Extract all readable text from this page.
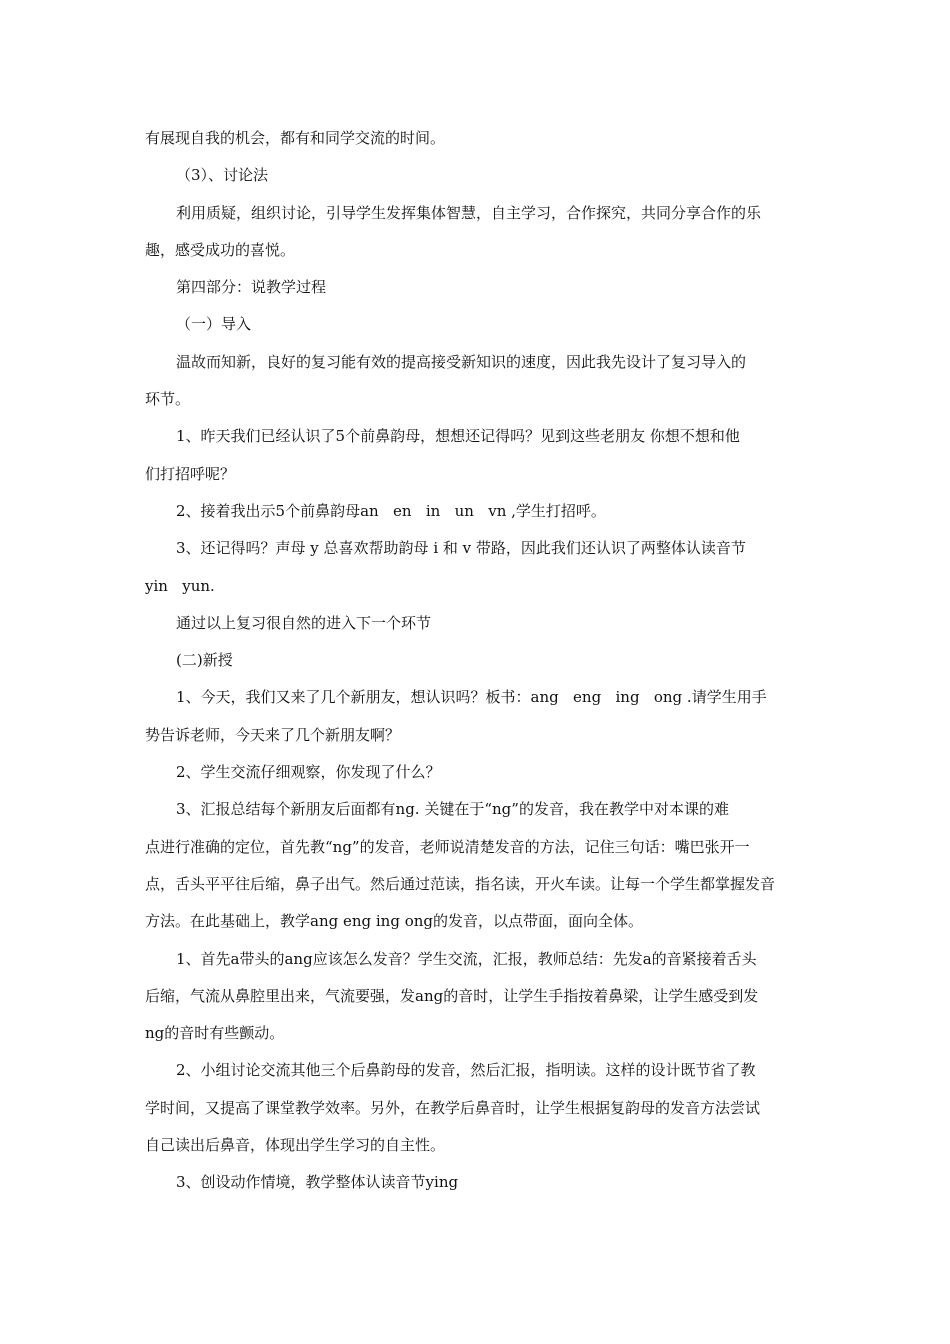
有展现自我的机会，都有和同学交流的时间。

（3）、讨论法

利用质疑，组织讨论，引导学生发挥集体智慧，自主学习，合作探究，共同分享合作的乐
趣，感受成功的喜悦。

第四部分：说教学过程

（一）导入

温故而知新，良好的复习能有效的提高接受新知识的速度，因此我先设计了复习导入的
环节。

1、昨天我们已经认识了5个前鼻韵母，想想还记得吗？见到这些老朋友 你想不想和他
们打招呼呢？

2、接着我出示5个前鼻韵母an   en   in   un   vn ,学生打招呼。

3、还记得吗？声母 y 总喜欢帮助韵母 i 和 v 带路，因此我们还认识了两整体认读音节
yin   yun.

通过以上复习很自然的进入下一个环节

(二)新授

1、今天，我们又来了几个新朋友，想认识吗？板书：ang   eng   ing   ong .请学生用手
势告诉老师，今天来了几个新朋友啊？

2、学生交流仔细观察，你发现了什么？

3、汇报总结每个新朋友后面都有ng. 关键在于“ng”的发音，我在教学中对本课的难
点进行准确的定位，首先教“ng”的发音，老师说清楚发音的方法，记住三句话：嘴巴张开一
点，舌头平平往后缩，鼻子出气。然后通过范读，指名读，开火车读。让每一个学生都掌握发音
方法。在此基础上，教学ang eng ing ong的发音，以点带面，面向全体。

1、首先a带头的ang应该怎么发音？学生交流，汇报，教师总结：先发a的音紧接着舌头
后缩，气流从鼻腔里出来，气流要强，发ang的音时，让学生手指按着鼻梁，让学生感受到发
ng的音时有些颤动。

2、小组讨论交流其他三个后鼻韵母的发音，然后汇报，指明读。这样的设计既节省了教
学时间，又提高了课堂教学效率。另外，在教学后鼻音时，让学生根据复韵母的发音方法尝试
自己读出后鼻音，体现出学生学习的自主性。

3、创设动作情境，教学整体认读音节ying
